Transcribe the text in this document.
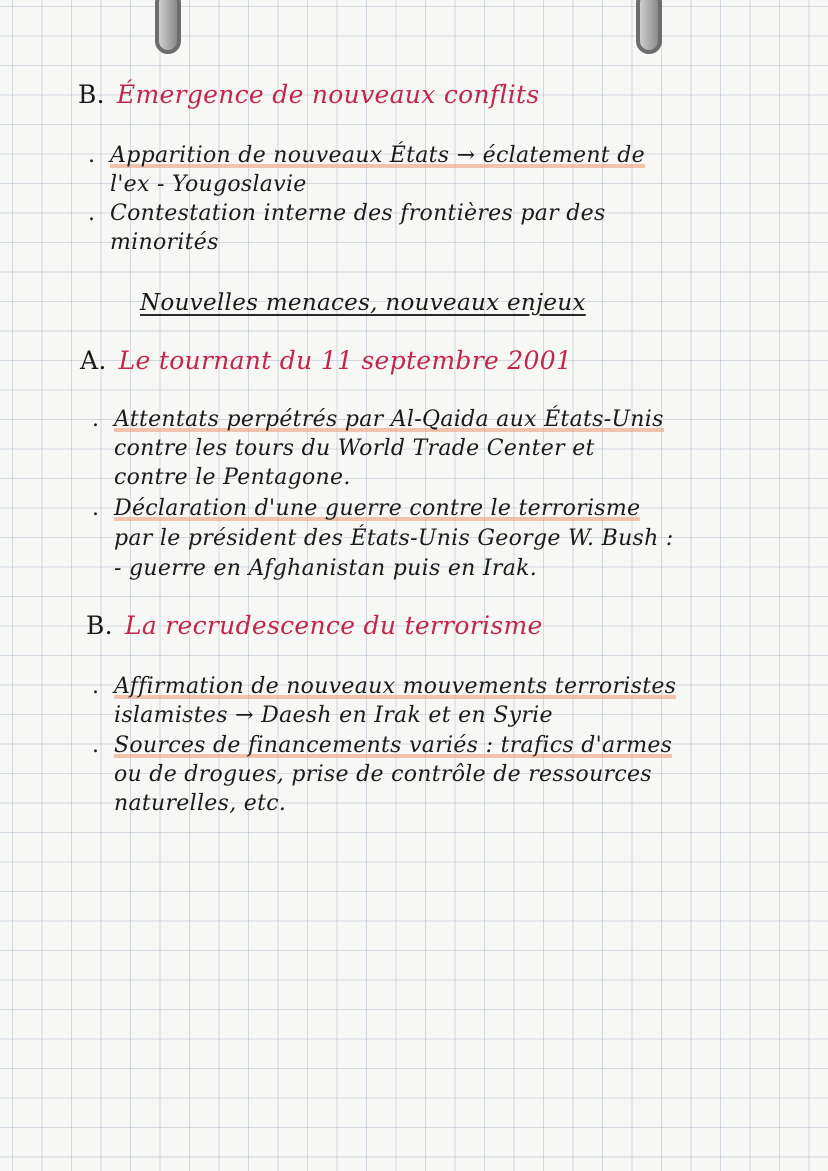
B. Émergence de nouveaux conflits
. Apparition de nouveaux États → éclatement de
l'ex - Yougoslavie
. Contestation interne des frontières par des
minorités
Nouvelles menaces, nouveaux enjeux
A. Le tournant du 11 septembre 2001
. Attentats perpétrés par Al-Qaida aux États-Unis
contre les tours du World Trade Center et
contre le Pentagone.
. Déclaration d'une guerre contre le terrorisme
par le président des États-Unis George W. Bush :
- guerre en Afghanistan puis en Irak.
B. La recrudescence du terrorisme
. Affirmation de nouveaux mouvements terroristes
islamistes → Daesh en Irak et en Syrie
. Sources de financements variés : trafics d'armes
ou de drogues, prise de contrôle de ressources
naturelles, etc.
